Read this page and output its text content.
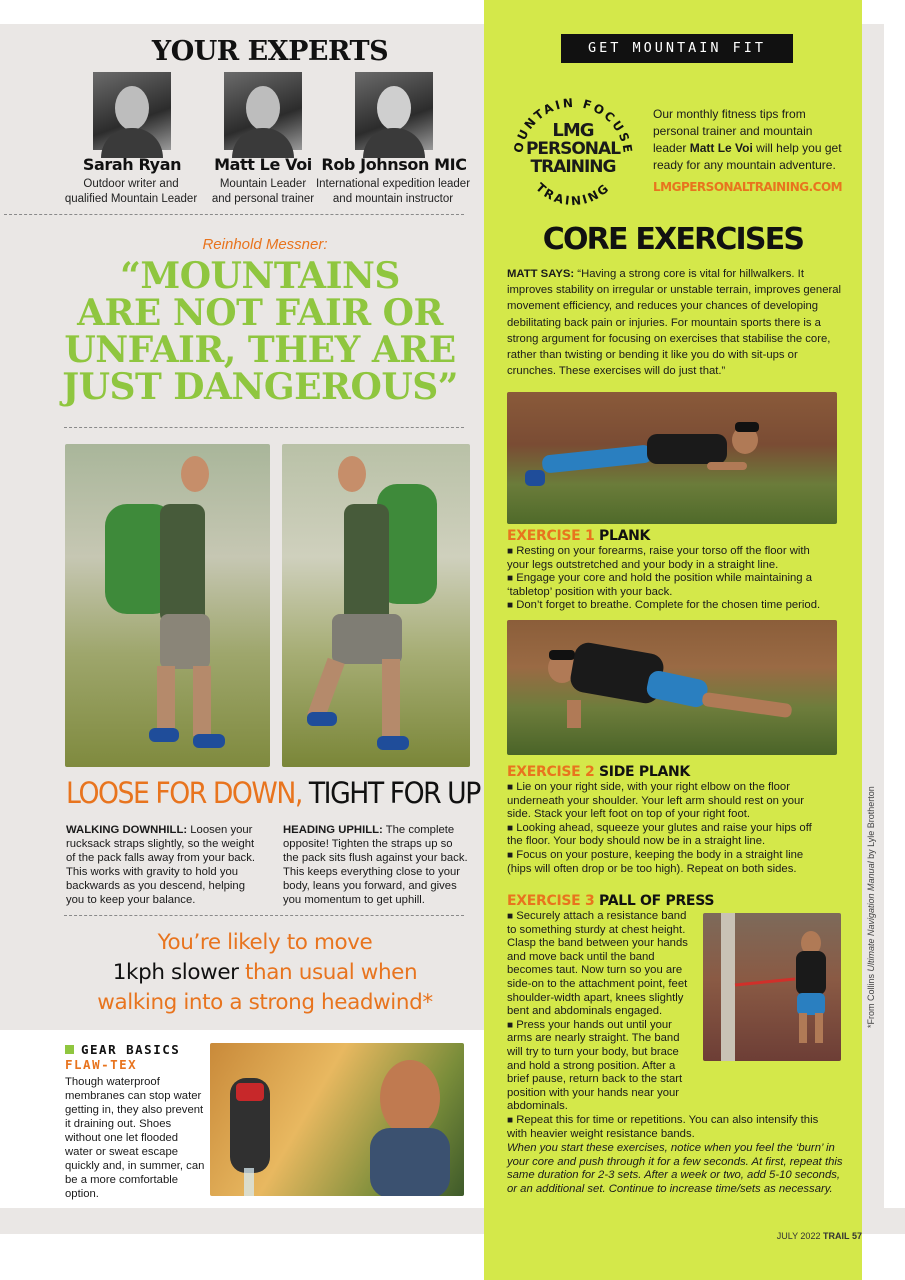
YOUR EXPERTS
Sarah Ryan
Outdoor writer and
qualified Mountain Leader
Matt Le Voi
Mountain Leader
and personal trainer
Rob Johnson MIC
International expedition leader
and mountain instructor
Reinhold Messner:
“MOUNTAINS
ARE NOT FAIR OR
UNFAIR, THEY ARE
JUST DANGEROUS”
LOOSE FOR DOWN, TIGHT FOR UP
WALKING DOWNHILL: Loosen your rucksack straps slightly, so the weight of the pack falls away from your back. This works with gravity to hold you backwards as you descend, helping you to keep your balance.
HEADING UPHILL: The complete opposite! Tighten the straps up so the pack sits flush against your back. This keeps everything close to your body, leans you forward, and gives you momentum to get uphill.
You’re likely to move
1kph slower than usual when
walking into a strong headwind*
GEAR BASICS
FLAW-TEX
Though waterproof membranes can stop water getting in, they also prevent it draining out. Shoes without one let flooded water or sweat escape quickly and, in summer, can be a more comfortable option.
GET MOUNTAIN FIT
OUNTAIN FOCUSE
TRAINING
LMG
PERSONAL
TRAINING
Our monthly fitness tips from personal trainer and mountain leader Matt Le Voi will help you get ready for any mountain adventure.
LMGPERSONALTRAINING.COM
CORE EXERCISES
MATT SAYS: “Having a strong core is vital for hillwalkers. It improves stability on irregular or unstable terrain, improves general movement efficiency, and reduces your chances of developing debilitating back pain or injuries. For mountain sports there is a strong argument for focusing on exercises that stabilise the core, rather than twisting or bending it like you do with sit-ups or crunches. These exercises will do just that.”
EXERCISE 1 PLANK

■ Resting on your forearms, raise your torso off the floor with your legs outstretched and your body in a straight line.

■ Engage your core and hold the position while maintaining a ‘tabletop’ position with your back.

■ Don’t forget to breathe. Complete for the chosen time period.

EXERCISE 2 SIDE PLANK

■ Lie on your right side, with your right elbow on the floor underneath your shoulder. Your left arm should rest on your side. Stack your left foot on top of your right foot.

■ Looking ahead, squeeze your glutes and raise your hips off the floor. Your body should now be in a straight line.

■ Focus on your posture, keeping the body in a straight line (hips will often drop or be too high). Repeat on both sides.

EXERCISE 3 PALL OF PRESS

■ Securely attach a resistance band to something sturdy at chest height. Clasp the band between your hands and move back until the band becomes taut. Now turn so you are side-on to the attachment point, feet shoulder-width apart, knees slightly bent and abdominals engaged.

■ Press your hands out until your arms are nearly straight. The band will try to turn your body, but brace and hold a strong position. After a brief pause, return back to the start position with your hands near your abdominals.

■ Repeat this for time or repetitions. You can also intensify this with heavier weight resistance bands.

When you start these exercises, notice when you feel the ‘burn’ in your core and push through it for a few seconds. At first, repeat this same duration for 2-3 sets. After a week or two, add 5-10 seconds, or an additional set. Continue to increase time/sets as necessary.
*From Collins Ultimate Navigation Manual by Lyle Brotherton
JULY 2022 TRAIL 57
